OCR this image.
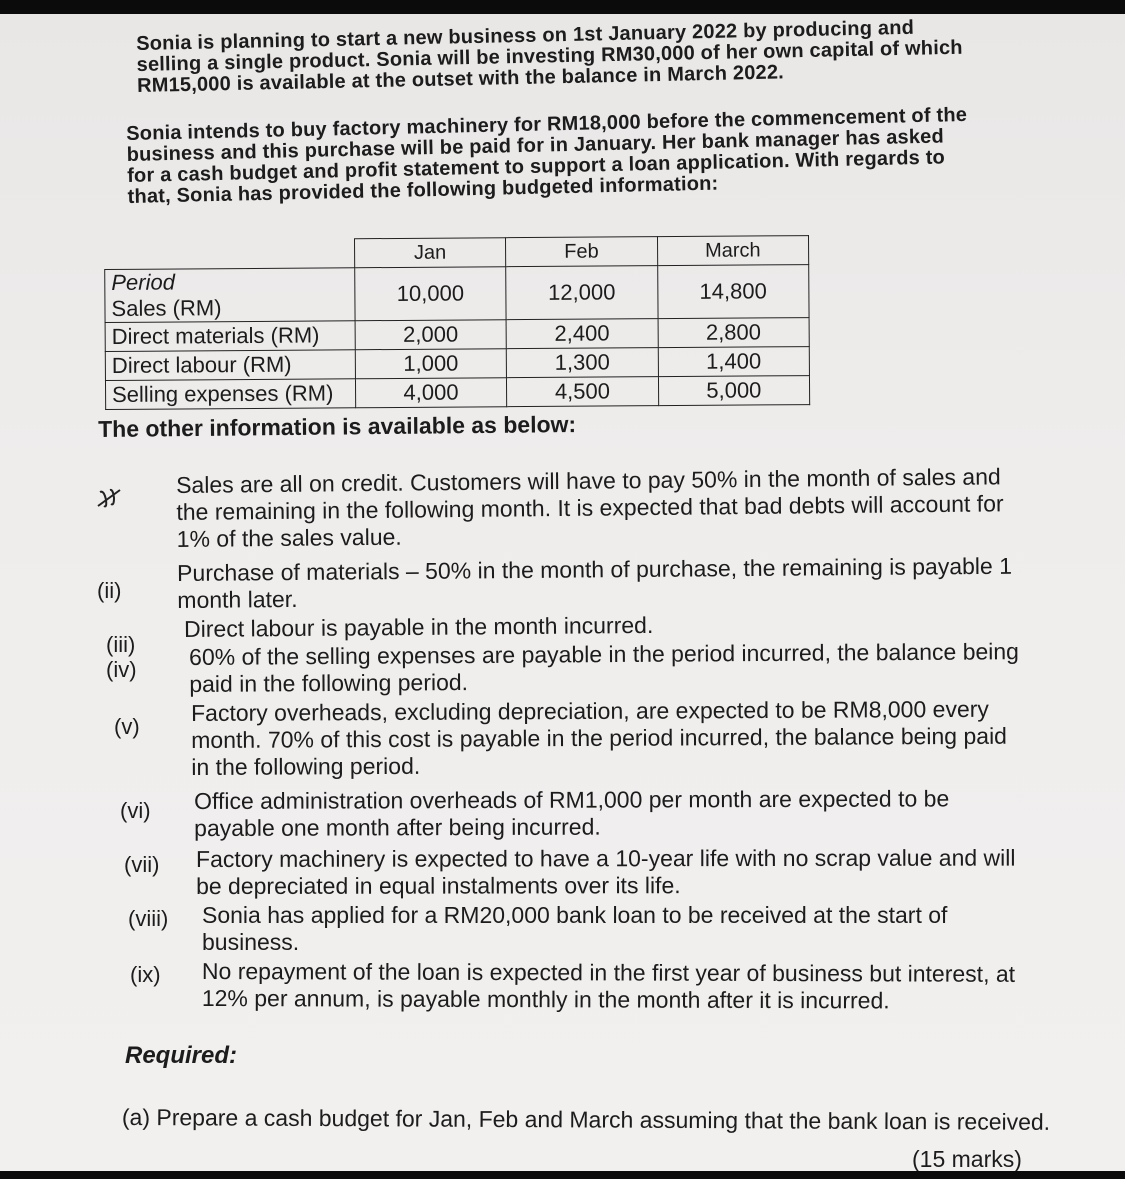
Sonia is planning to start a new business on 1st January 2022 by producing and selling a single product. Sonia will be investing RM30,000 of her own capital of which RM15,000 is available at the outset with the balance in March 2022.
Sonia intends to buy factory machinery for RM18,000 before the commencement of the business and this purchase will be paid for in January. Her bank manager has asked for a cash budget and profit statement to support a loan application. With regards to that, Sonia has provided the following budgeted information:
	Jan	Feb	March

Period
Sales (RM)	10,000	12,000	14,800
Direct materials (RM)	2,000	2,400	2,800
Direct labour (RM)	1,000	1,300	1,400
Selling expenses (RM)	4,000	4,500	5,000
The other information is available as below:
Sales are all on credit. Customers will have to pay 50% in the month of sales and the remaining in the following month. It is expected that bad debts will account for 1% of the sales value.
(ii)
Purchase of materials – 50% in the month of purchase, the remaining is payable 1 month later.
(iii)
Direct labour is payable in the month incurred.
(iv) 60% of the selling expenses are payable in the period incurred, the balance being paid in the following period.
(v)
Factory overheads, excluding depreciation, are expected to be RM8,000 every month. 70% of this cost is payable in the period incurred, the balance being paid in the following period.
(vi) Office administration overheads of RM1,000 per month are expected to be payable one month after being incurred.
(vii) Factory machinery is expected to have a 10-year life with no scrap value and will be depreciated in equal instalments over its life.
(viii) Sonia has applied for a RM20,000 bank loan to be received at the start of business.
(ix) No repayment of the loan is expected in the first year of business but interest, at 12% per annum, is payable monthly in the month after it is incurred.
Required:
(a) Prepare a cash budget for Jan, Feb and March assuming that the bank loan is received.
(15 marks)
